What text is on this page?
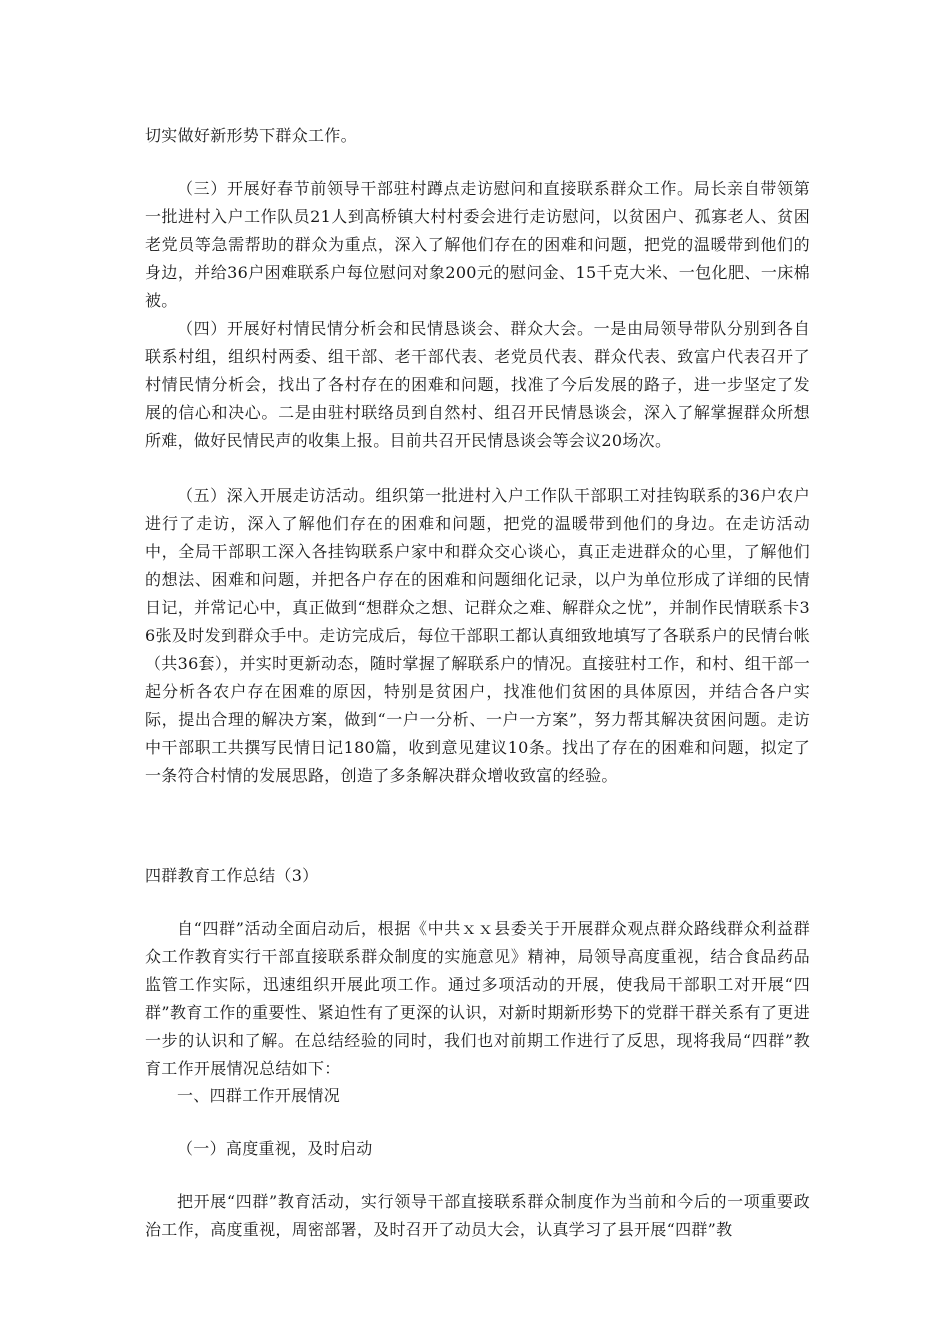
切实做好新形势下群众工作。

（三）开展好春节前领导干部驻村蹲点走访慰问和直接联系群众工作。局长亲自带领第一批进村入户工作队员21人到高桥镇大村村委会进行走访慰问，以贫困户、孤寡老人、贫困老党员等急需帮助的群众为重点，深入了解他们存在的困难和问题，把党的温暖带到他们的身边，并给36户困难联系户每位慰问对象200元的慰问金、15千克大米、一包化肥、一床棉被。

（四）开展好村情民情分析会和民情恳谈会、群众大会。一是由局领导带队分别到各自联系村组，组织村两委、组干部、老干部代表、老党员代表、群众代表、致富户代表召开了村情民情分析会，找出了各村存在的困难和问题，找准了今后发展的路子，进一步坚定了发展的信心和决心。二是由驻村联络员到自然村、组召开民情恳谈会，深入了解掌握群众所想所难，做好民情民声的收集上报。目前共召开民情恳谈会等会议20场次。

（五）深入开展走访活动。组织第一批进村入户工作队干部职工对挂钩联系的36户农户进行了走访，深入了解他们存在的困难和问题，把党的温暖带到他们的身边。在走访活动中，全局干部职工深入各挂钩联系户家中和群众交心谈心，真正走进群众的心里，了解他们的想法、困难和问题，并把各户存在的困难和问题细化记录，以户为单位形成了详细的民情日记，并常记心中，真正做到“想群众之想、记群众之难、解群众之忧”，并制作民情联系卡36张及时发到群众手中。走访完成后，每位干部职工都认真细致地填写了各联系户的民情台帐（共36套），并实时更新动态，随时掌握了解联系户的情况。直接驻村工作，和村、组干部一起分析各农户存在困难的原因，特别是贫困户，找准他们贫困的具体原因，并结合各户实际，提出合理的解决方案，做到“一户一分析、一户一方案”，努力帮其解决贫困问题。走访中干部职工共撰写民情日记180篇，收到意见建议10条。找出了存在的困难和问题，拟定了一条符合村情的发展思路，创造了多条解决群众增收致富的经验。

四群教育工作总结（3）

自“四群”活动全面启动后，根据《中共ｘｘ县委关于开展群众观点群众路线群众利益群众工作教育实行干部直接联系群众制度的实施意见》精神，局领导高度重视，结合食品药品监管工作实际，迅速组织开展此项工作。通过多项活动的开展，使我局干部职工对开展“四群”教育工作的重要性、紧迫性有了更深的认识，对新时期新形势下的党群干群关系有了更进一步的认识和了解。在总结经验的同时，我们也对前期工作进行了反思，现将我局“四群”教育工作开展情况总结如下：

一、四群工作开展情况

（一）高度重视，及时启动

把开展“四群”教育活动，实行领导干部直接联系群众制度作为当前和今后的一项重要政治工作，高度重视，周密部署，及时召开了动员大会，认真学习了县开展“四群”教
